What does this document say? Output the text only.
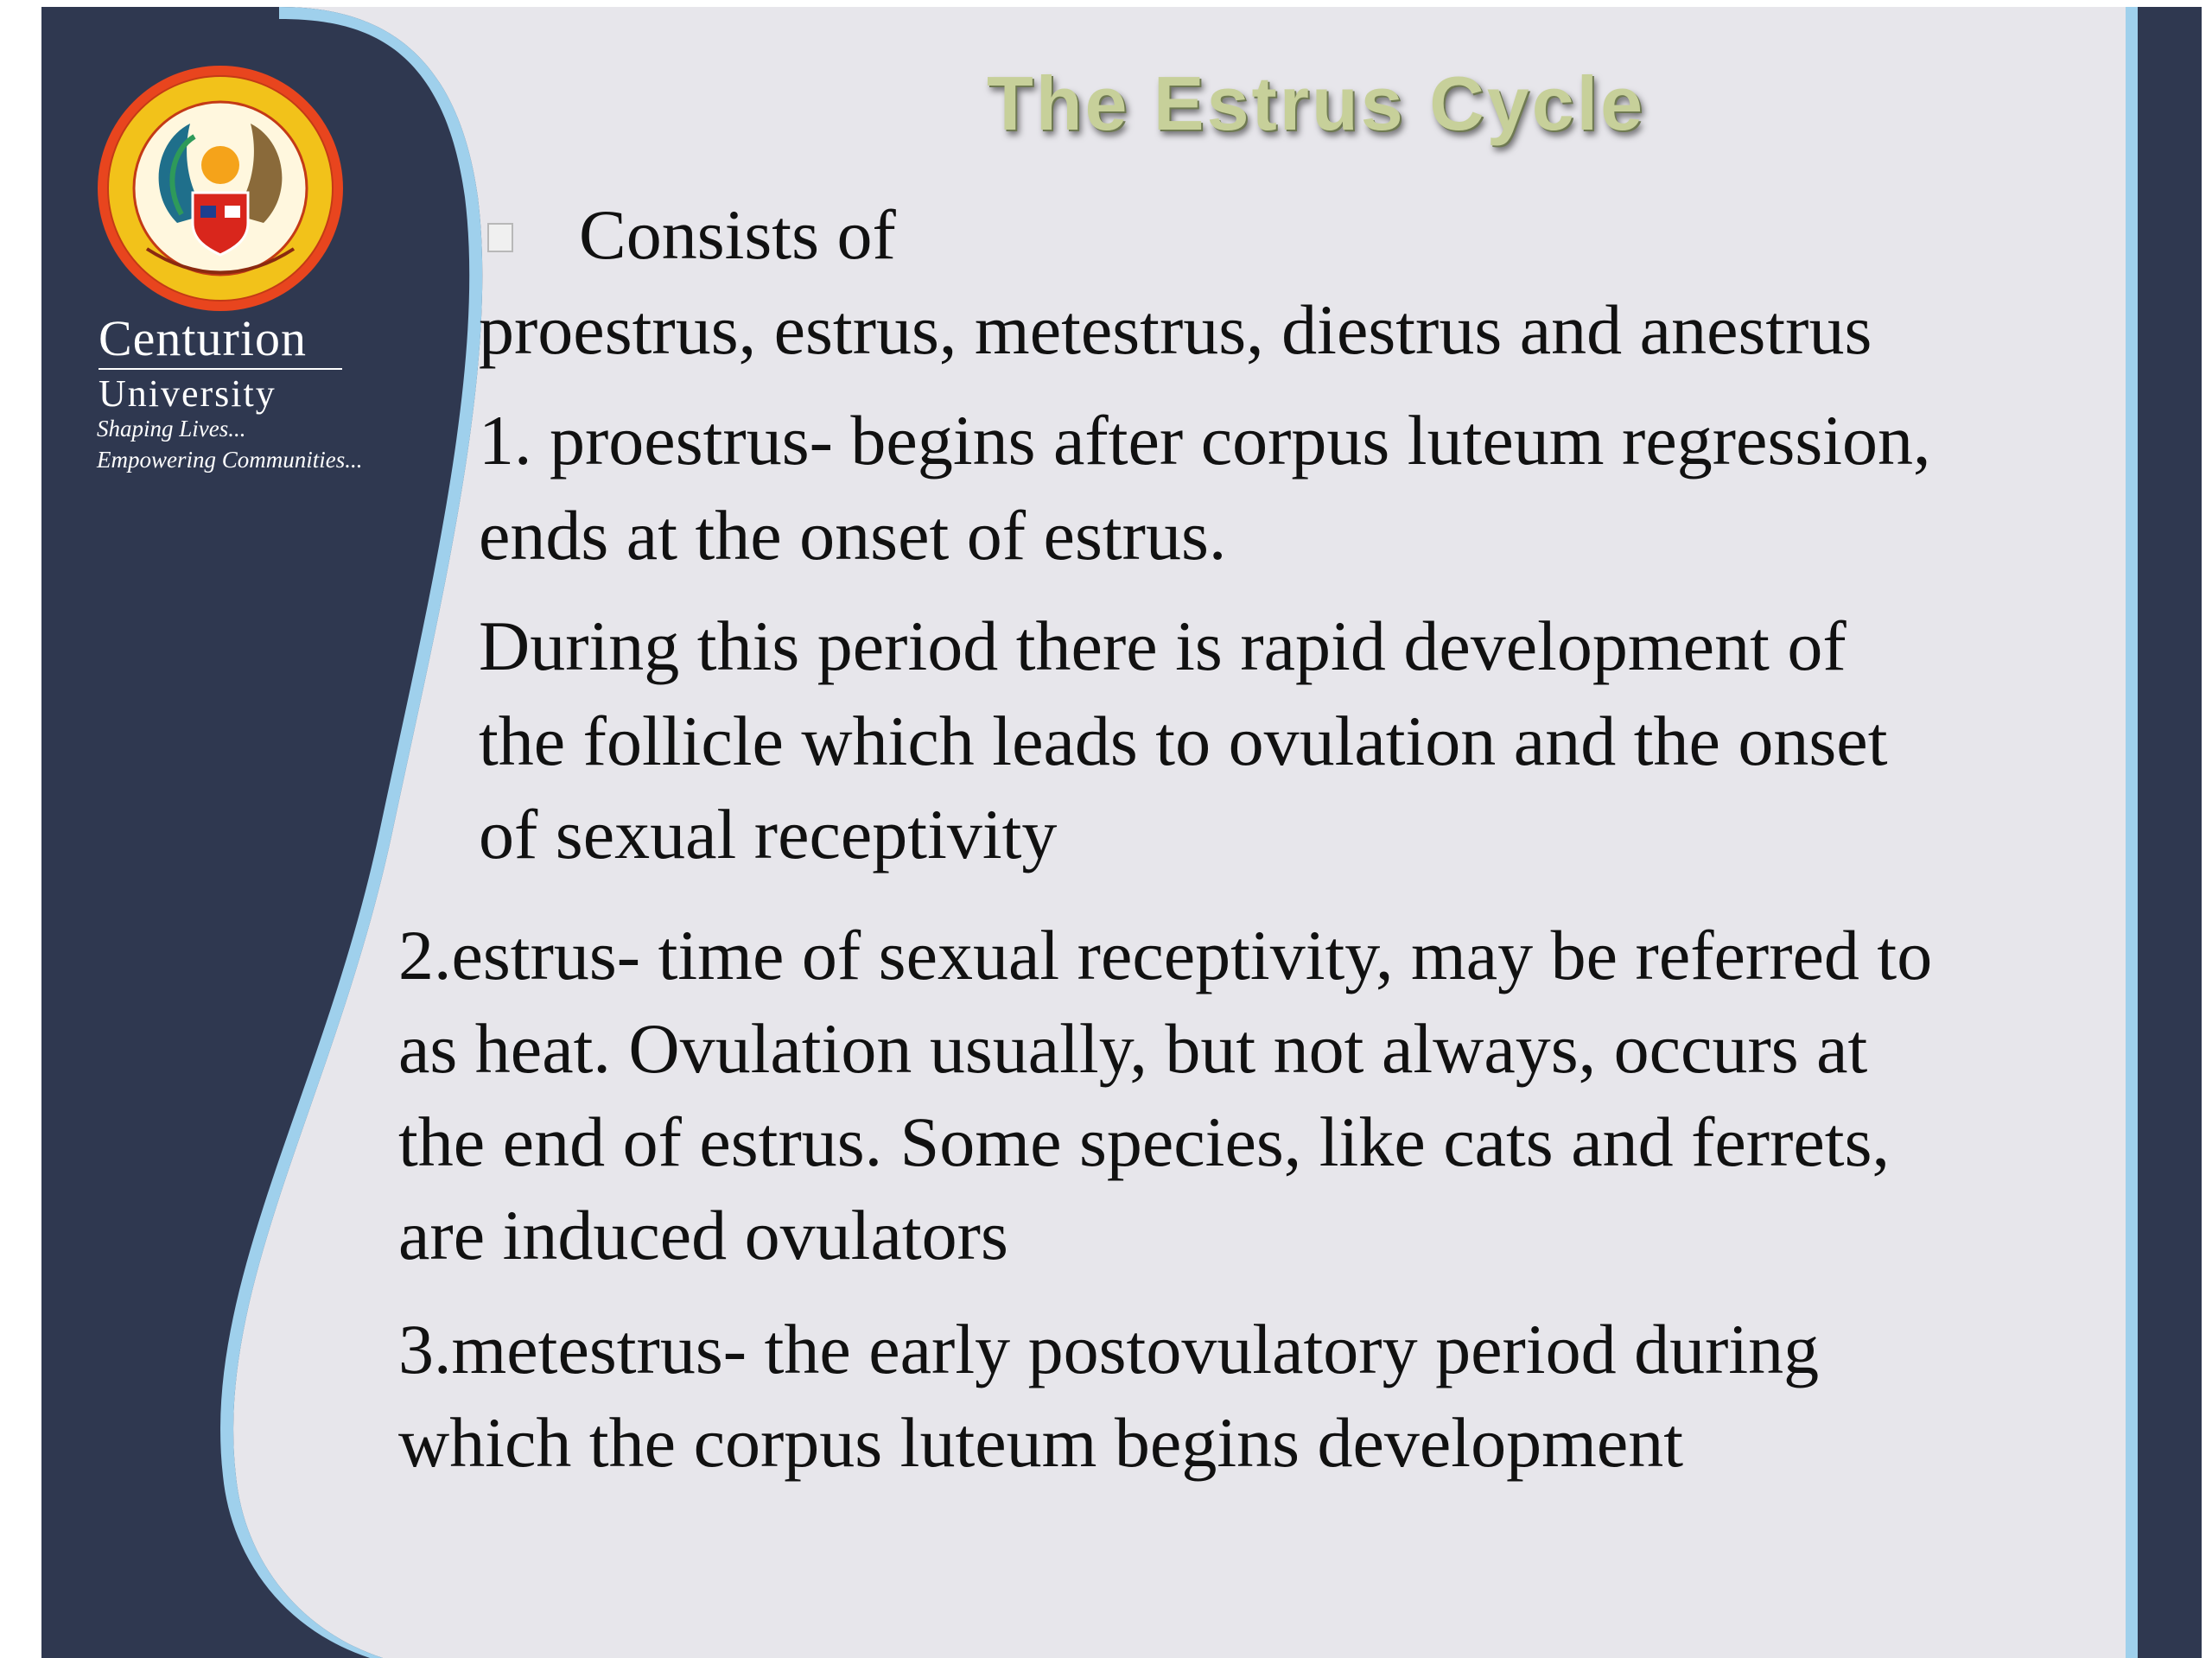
Centurion
University
Shaping Lives...
Empowering Communities...
The Estrus Cycle
Consists of
proestrus, estrus, metestrus, diestrus and anestrus
1. proestrus- begins after corpus luteum regression,
ends at the onset of estrus.
During this period there is rapid development of
the follicle which leads to ovulation and the onset
of sexual receptivity
2.estrus- time of sexual receptivity, may be referred to
as heat. Ovulation usually, but not always, occurs at
the end of estrus. Some species, like cats and ferrets,
are induced ovulators
3.metestrus- the early postovulatory period during
which the corpus luteum begins development
